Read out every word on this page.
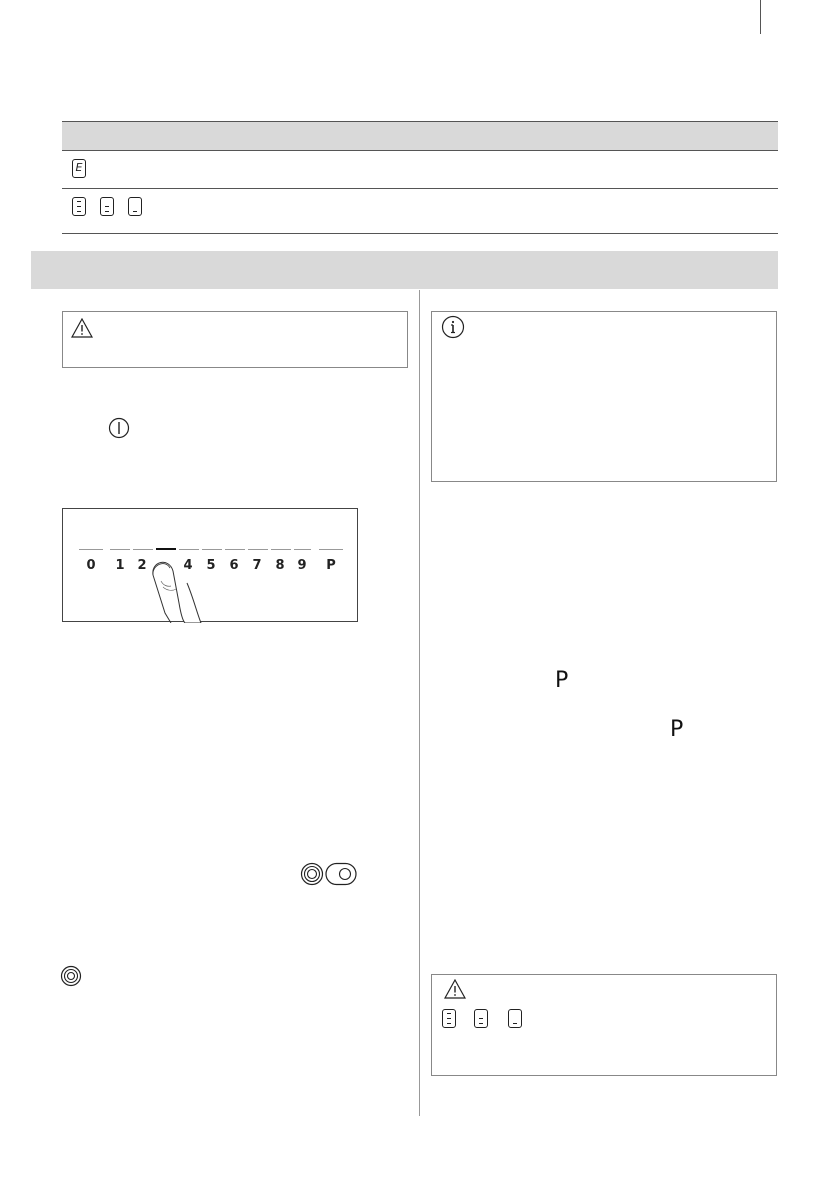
E
0 1 2	4 5 6 7 8 9 P
P
P
